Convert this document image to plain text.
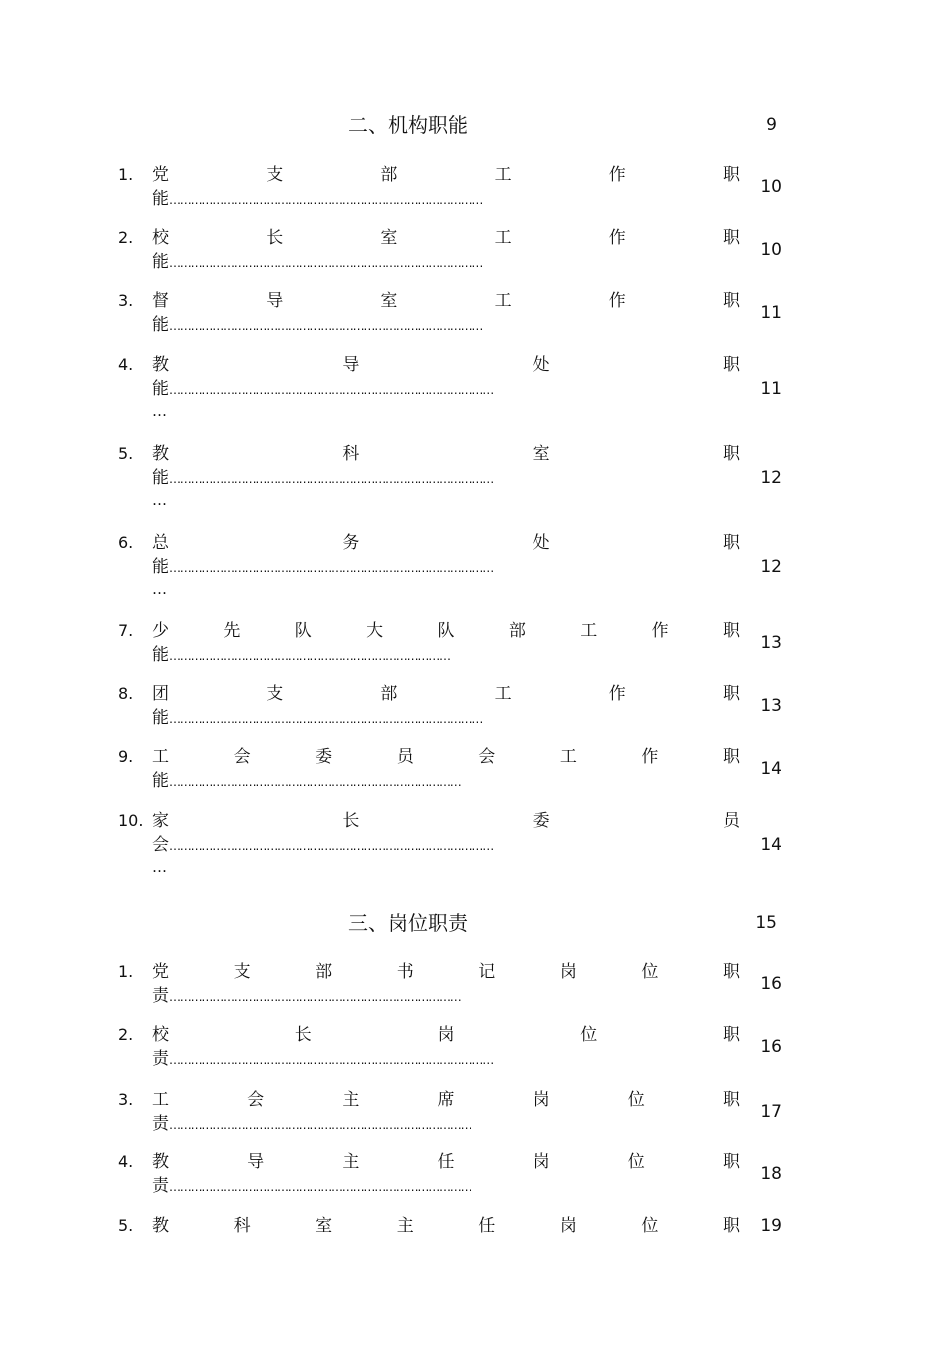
二、机构职能	9
1. 党	支	部	工	作	职
能……………………………………………………………………………
10
2. 校	长	室	工	作	职
能……………………………………………………………………………
10
3. 督	导	室	工	作	职
能……………………………………………………………………………
11
4. 教	导	处	职
能………………………………………………………………………………
…
11
5. 教	科	室	职
能………………………………………………………………………………
…
12
6. 总	务	处	职
能………………………………………………………………………………
…
12
7. 少	先	队	大	队	部	工	作	职
能……………………………………………………………………
13
8. 团	支	部	工	作	职
能……………………………………………………………………………
13
9. 工	会	委	员	会	工	作	职
能………………………………………………………………………
14
10. 家	长	委	员
会………………………………………………………………………………
…
14
三、岗位职责	15
1. 党	支	部	书	记	岗	位	职
责………………………………………………………………………
16
2. 校	长	岗	位	职
责………………………………………………………………………………
16
3. 工	会	主	席	岗	位	职
责…………………………………………………………………………
17
4. 教	导	主	任	岗	位	职
责…………………………………………………………………………
18
5. 教	科	室	主	任	岗	位	职 19
